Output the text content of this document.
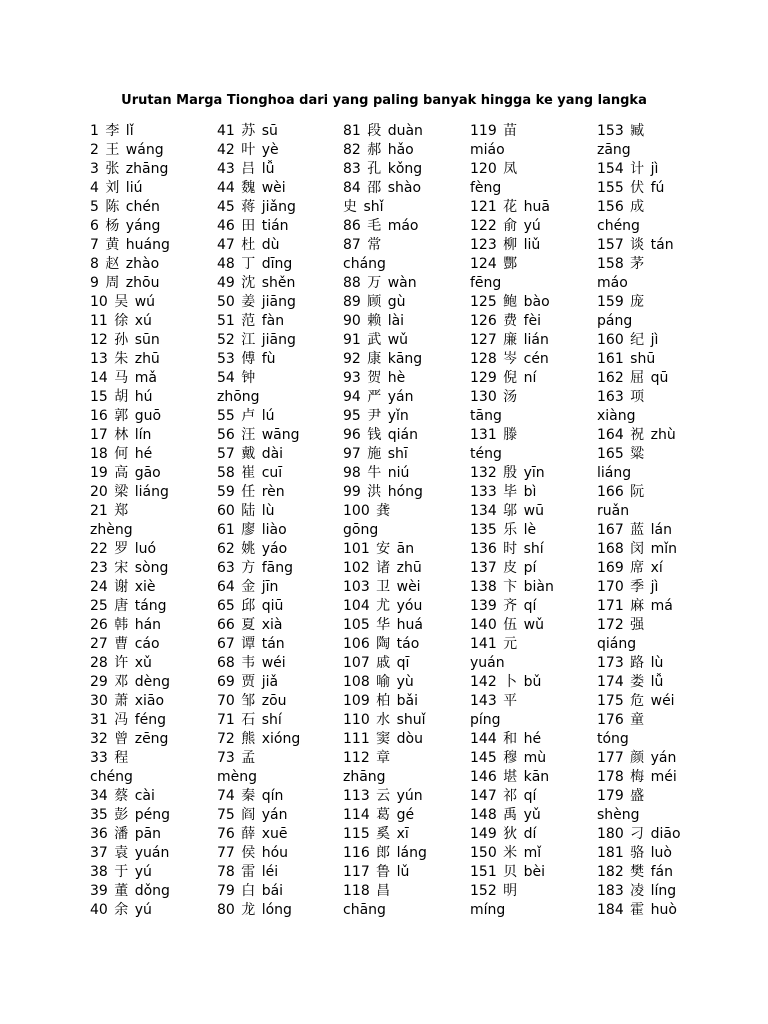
Urutan Marga Tionghoa dari yang paling banyak hingga ke yang langka
1 李 lǐ
2 王 wáng
3 张 zhāng
4 刘 liú
5 陈 chén
6 杨 yáng
7 黄 huáng
8 赵 zhào
9 周 zhōu
10 吴 wú
11 徐 xú
12 孙 sūn
13 朱 zhū
14 马 mǎ
15 胡 hú
16 郭 guō
17 林 lín
18 何 hé
19 高 gāo
20 梁 liáng
21 郑
zhèng
22 罗 luó
23 宋 sòng
24 谢 xiè
25 唐 táng
26 韩 hán
27 曹 cáo
28 许 xǔ
29 邓 dèng
30 萧 xiāo
31 冯 féng
32 曾 zēng
33 程
chéng
34 蔡 cài
35 彭 péng
36 潘 pān
37 袁 yuán
38 于 yú
39 董 dǒng
40 余 yú
41 苏 sū
42 叶 yè
43 吕 lǚ
44 魏 wèi
45 蒋 jiǎng
46 田 tián
47 杜 dù
48 丁 dīng
49 沈 shěn
50 姜 jiāng
51 范 fàn
52 江 jiāng
53 傅 fù
54 钟
zhōng
55 卢 lú
56 汪 wāng
57 戴 dài
58 崔 cuī
59 任 rèn
60 陆 lù
61 廖 liào
62 姚 yáo
63 方 fāng
64 金 jīn
65 邱 qiū
66 夏 xià
67 谭 tán
68 韦 wéi
69 贾 jiǎ
70 邹 zōu
71 石 shí
72 熊 xióng
73 孟
mèng
74 秦 qín
75 阎 yán
76 薛 xuē
77 侯 hóu
78 雷 léi
79 白 bái
80 龙 lóng
81 段 duàn
82 郝 hǎo
83 孔 kǒng
84 邵 shào
史 shǐ
86 毛 máo
87 常
cháng
88 万 wàn
89 顾 gù
90 赖 lài
91 武 wǔ
92 康 kāng
93 贺 hè
94 严 yán
95 尹 yǐn
96 钱 qián
97 施 shī
98 牛 niú
99 洪 hóng
100 龚
gōng
101 安 ān
102 诸 zhū
103 卫 wèi
104 尤 yóu
105 华 huá
106 陶 táo
107 戚 qī
108 喻 yù
109 柏 bǎi
110 水 shuǐ
111 窦 dòu
112 章
zhāng
113 云 yún
114 葛 gé
115 奚 xī
116 郎 láng
117 鲁 lǔ
118 昌
chāng
119 苗
miáo
120 凤
fèng
121 花 huā
122 俞 yú
123 柳 liǔ
124 酆
fēng
125 鲍 bào
126 费 fèi
127 廉 lián
128 岑 cén
129 倪 ní
130 汤
tāng
131 滕
téng
132 殷 yīn
133 毕 bì
134 邬 wū
135 乐 lè
136 时 shí
137 皮 pí
138 卞 biàn
139 齐 qí
140 伍 wǔ
141 元
yuán
142 卜 bǔ
143 平
píng
144 和 hé
145 穆 mù
146 堪 kān
147 祁 qí
148 禹 yǔ
149 狄 dí
150 米 mǐ
151 贝 bèi
152 明
míng
153 臧
zāng
154 计 jì
155 伏 fú
156 成
chéng
157 谈 tán
158 茅
máo
159 庞
páng
160 纪 jì
161 shū
162 屈 qū
163 项
xiàng
164 祝 zhù
165 粱
liáng
166 阮
ruǎn
167 蓝 lán
168 闵 mǐn
169 席 xí
170 季 jì
171 麻 má
172 强
qiáng
173 路 lù
174 娄 lǚ
175 危 wéi
176 童
tóng
177 颜 yán
178 梅 méi
179 盛
shèng
180 刁 diāo
181 骆 luò
182 樊 fán
183 凌 líng
184 霍 huò
